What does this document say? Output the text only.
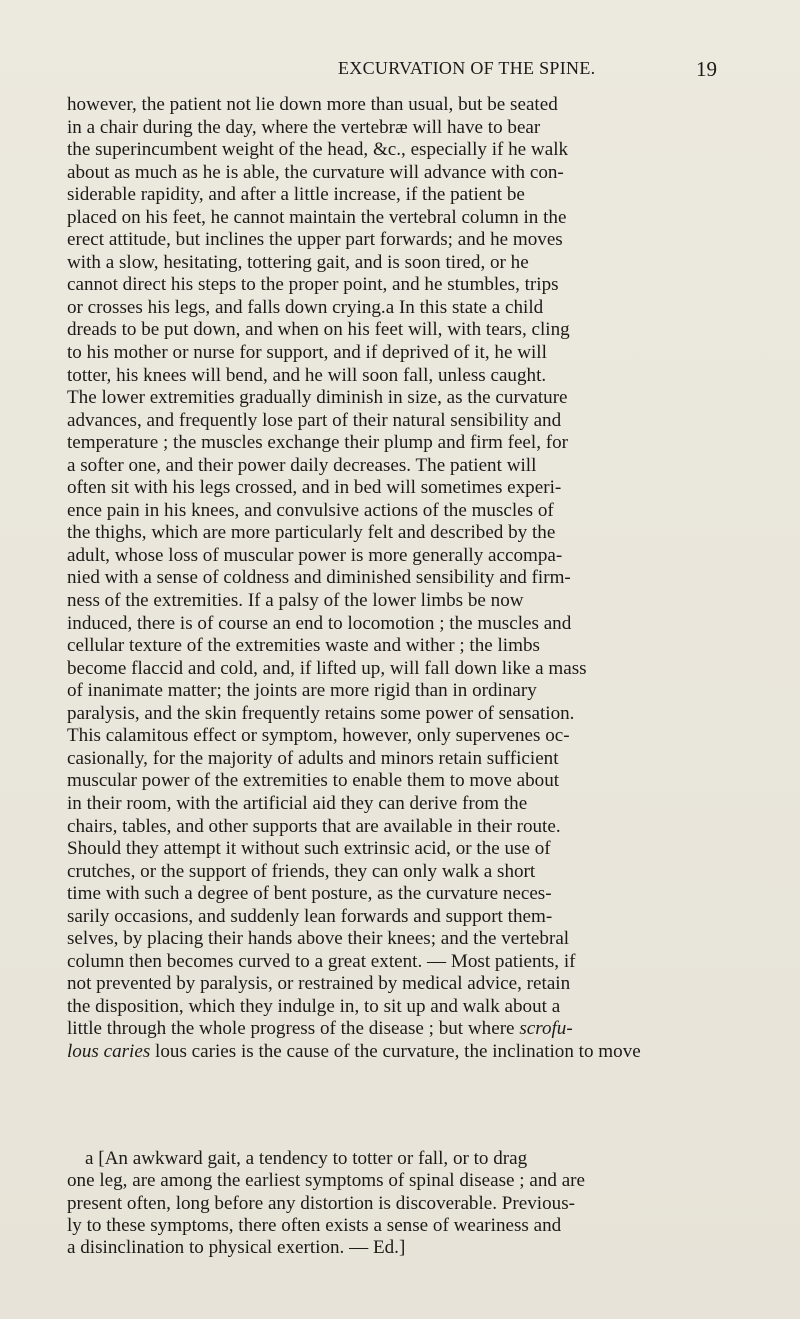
EXCURVATION OF THE SPINE.	19
however, the patient not lie down more than usual, but be seated
in a chair during the day, where the vertebræ will have to bear
the superincumbent weight of the head, &c., especially if he walk
about as much as he is able, the curvature will advance with con-
siderable rapidity, and after a little increase, if the patient be
placed on his feet, he cannot maintain the vertebral column in the
erect attitude, but inclines the upper part forwards; and he moves
with a slow, hesitating, tottering gait, and is soon tired, or he
cannot direct his steps to the proper point, and he stumbles, trips
or crosses his legs, and falls down crying.a In this state a child
dreads to be put down, and when on his feet will, with tears, cling
to his mother or nurse for support, and if deprived of it, he will
totter, his knees will bend, and he will soon fall, unless caught.
The lower extremities gradually diminish in size, as the curvature
advances, and frequently lose part of their natural sensibility and
temperature ; the muscles exchange their plump and firm feel, for
a softer one, and their power daily decreases. The patient will
often sit with his legs crossed, and in bed will sometimes experi-
ence pain in his knees, and convulsive actions of the muscles of
the thighs, which are more particularly felt and described by the
adult, whose loss of muscular power is more generally accompa-
nied with a sense of coldness and diminished sensibility and firm-
ness of the extremities. If a palsy of the lower limbs be now
induced, there is of course an end to locomotion ; the muscles and
cellular texture of the extremities waste and wither ; the limbs
become flaccid and cold, and, if lifted up, will fall down like a mass
of inanimate matter; the joints are more rigid than in ordinary
paralysis, and the skin frequently retains some power of sensation.
This calamitous effect or symptom, however, only supervenes oc-
casionally, for the majority of adults and minors retain sufficient
muscular power of the extremities to enable them to move about
in their room, with the artificial aid they can derive from the
chairs, tables, and other supports that are available in their route.
Should they attempt it without such extrinsic acid, or the use of
crutches, or the support of friends, they can only walk a short
time with such a degree of bent posture, as the curvature neces-
sarily occasions, and suddenly lean forwards and support them-
selves, by placing their hands above their knees; and the vertebral
column then becomes curved to a great extent. — Most patients, if
not prevented by paralysis, or restrained by medical advice, retain
the disposition, which they indulge in, to sit up and walk about a
little through the whole progress of the disease ; but where scrofu-
lous caries lous caries is the cause of the curvature, the inclination to move
a [An awkward gait, a tendency to totter or fall, or to drag
one leg, are among the earliest symptoms of spinal disease ; and are
present often, long before any distortion is discoverable. Previous-
ly to these symptoms, there often exists a sense of weariness and
a disinclination to physical exertion. — Ed.]
